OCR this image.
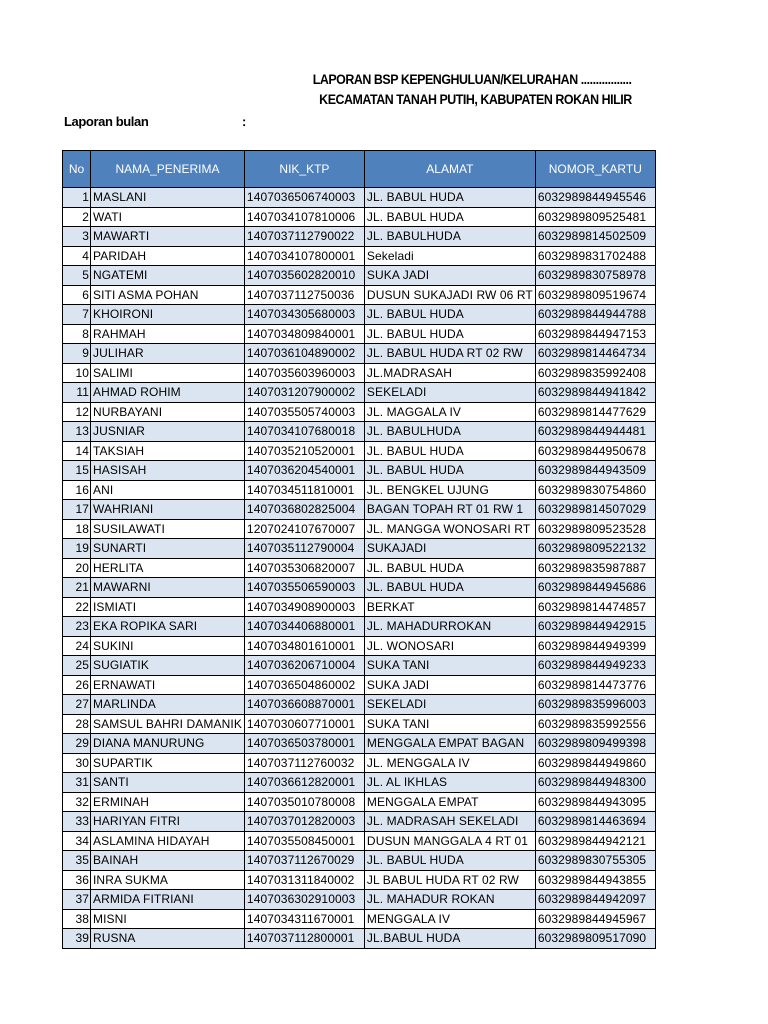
LAPORAN BSP KEPENGHULUAN/KELURAHAN .................
KECAMATAN TANAH PUTIH, KABUPATEN ROKAN HILIR
Laporan bulan	:
No	NAMA_PENERIMA	NIK_KTP	ALAMAT	NOMOR_KARTU
1	MASLANI	1407036506740003	JL. BABUL HUDA	6032989844945546
2	WATI	1407034107810006	JL. BABUL HUDA	6032989809525481
3	MAWARTI	1407037112790022	JL. BABULHUDA	6032989814502509
4	PARIDAH	1407034107800001	Sekeladi	6032989831702488
5	NGATEMI	1407035602820010	SUKA JADI	6032989830758978
6	SITI ASMA POHAN	1407037112750036	DUSUN SUKAJADI RW 06 RT	6032989809519674
7	KHOIRONI	1407034305680003	JL. BABUL HUDA	6032989844944788
8	RAHMAH	1407034809840001	JL. BABUL HUDA	6032989844947153
9	JULIHAR	1407036104890002	JL. BABUL HUDA RT 02 RW	6032989814464734
10	SALIMI	1407035603960003	JL.MADRASAH	6032989835992408
11	AHMAD ROHIM	1407031207900002	SEKELADI	6032989844941842
12	NURBAYANI	1407035505740003	JL. MAGGALA IV	6032989814477629
13	JUSNIAR	1407034107680018	JL. BABULHUDA	6032989844944481
14	TAKSIAH	1407035210520001	JL. BABUL HUDA	6032989844950678
15	HASISAH	1407036204540001	JL. BABUL HUDA	6032989844943509
16	ANI	1407034511810001	JL. BENGKEL UJUNG	6032989830754860
17	WAHRIANI	1407036802825004	BAGAN TOPAH RT 01 RW 1	6032989814507029
18	SUSILAWATI	1207024107670007	JL. MANGGA WONOSARI RT	6032989809523528
19	SUNARTI	1407035112790004	SUKAJADI	6032989809522132
20	HERLITA	1407035306820007	JL. BABUL HUDA	6032989835987887
21	MAWARNI	1407035506590003	JL. BABUL HUDA	6032989844945686
22	ISMIATI	1407034908900003	BERKAT	6032989814474857
23	EKA ROPIKA SARI	1407034406880001	JL. MAHADURROKAN	6032989844942915
24	SUKINI	1407034801610001	JL. WONOSARI	6032989844949399
25	SUGIATIK	1407036206710004	SUKA TANI	6032989844949233
26	ERNAWATI	1407036504860002	SUKA JADI	6032989814473776
27	MARLINDA	1407036608870001	SEKELADI	6032989835996003
28	SAMSUL BAHRI DAMANIK	1407030607710001	SUKA TANI	6032989835992556
29	DIANA MANURUNG	1407036503780001	MENGGALA EMPAT BAGAN	6032989809499398
30	SUPARTIK	1407037112760032	JL. MENGGALA IV	6032989844949860
31	SANTI	1407036612820001	JL. AL IKHLAS	6032989844948300
32	ERMINAH	1407035010780008	MENGGALA EMPAT	6032989844943095
33	HARIYAN FITRI	1407037012820003	JL. MADRASAH SEKELADI	6032989814463694
34	ASLAMINA HIDAYAH	1407035508450001	DUSUN MANGGALA 4 RT 01	6032989844942121
35	BAINAH	1407037112670029	JL. BABUL HUDA	6032989830755305
36	INRA SUKMA	1407031311840002	JL BABUL HUDA RT 02 RW	6032989844943855
37	ARMIDA FITRIANI	1407036302910003	JL. MAHADUR ROKAN	6032989844942097
38	MISNI	1407034311670001	MENGGALA IV	6032989844945967
39	RUSNA	1407037112800001	JL.BABUL HUDA	6032989809517090
